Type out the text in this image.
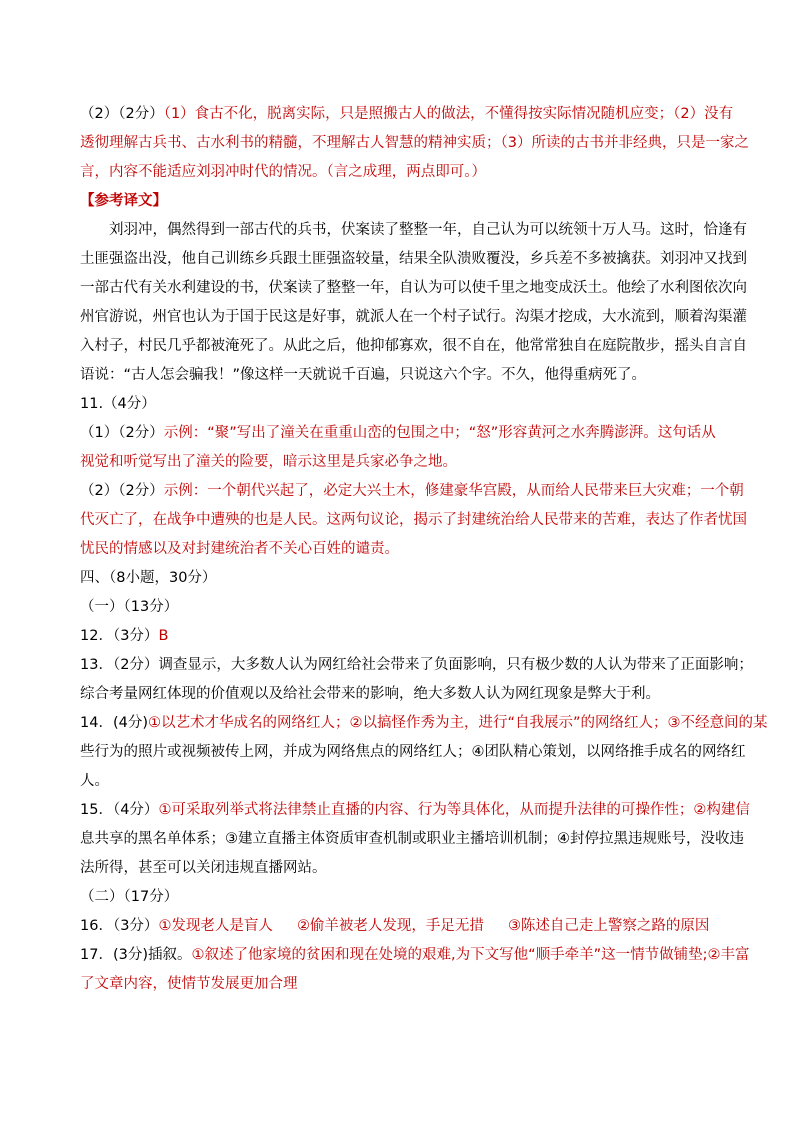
（2）（2分）（1）食古不化，脱离实际，只是照搬古人的做法，不懂得按实际情况随机应变；（2）没有
透彻理解古兵书、古水利书的精髓，不理解古人智慧的精神实质；（3）所读的古书并非经典，只是一家之
言，内容不能适应刘羽冲时代的情况。（言之成理，两点即可。）
【参考译文】
刘羽冲，偶然得到一部古代的兵书，伏案读了整整一年，自己认为可以统领十万人马。这时，恰逢有
土匪强盗出没，他自己训练乡兵跟土匪强盗较量，结果全队溃败覆没，乡兵差不多被擒获。刘羽冲又找到
一部古代有关水利建设的书，伏案读了整整一年，自认为可以使千里之地变成沃土。他绘了水利图依次向
州官游说，州官也认为于国于民这是好事，就派人在一个村子试行。沟渠才挖成，大水流到，顺着沟渠灌
入村子，村民几乎都被淹死了。从此之后，他抑郁寡欢，很不自在，他常常独自在庭院散步，摇头自言自
语说：“古人怎会骗我！”像这样一天就说千百遍，只说这六个字。不久，他得重病死了。
11.（4分）
（1）（2分）示例：“聚”写出了潼关在重重山峦的包围之中；“怒”形容黄河之水奔腾澎湃。这句话从
视觉和听觉写出了潼关的险要，暗示这里是兵家必争之地。
（2）（2分）示例：一个朝代兴起了，必定大兴土木，修建豪华宫殿，从而给人民带来巨大灾难；一个朝
代灭亡了，在战争中遭殃的也是人民。这两句议论，揭示了封建统治给人民带来的苦难，表达了作者忧国
忧民的情感以及对封建统治者不关心百姓的谴责。
四、（8小题，30分）
（一）（13分）
12．（3分）B
13．（2分）调查显示，大多数人认为网红给社会带来了负面影响，只有极少数的人认为带来了正面影响；
综合考量网红体现的价值观以及给社会带来的影响，绝大多数人认为网红现象是弊大于利。
14．(4分)①以艺术才华成名的网络红人；②以搞怪作秀为主，进行“自我展示”的网络红人；③不经意间的某
些行为的照片或视频被传上网，并成为网络焦点的网络红人；④团队精心策划，以网络推手成名的网络红
人。
15．（4分）①可采取列举式将法律禁止直播的内容、行为等具体化，从而提升法律的可操作性；②构建信
息共享的黑名单体系；③建立直播主体资质审查机制或职业主播培训机制；④封停拉黑违规账号，没收违
法所得，甚至可以关闭违规直播网站。
（二）（17分）
16．（3分）①发现老人是盲人 ②偷羊被老人发现，手足无措 ③陈述自己走上警察之路的原因
17．(3分)插叙。①叙述了他家境的贫困和现在处境的艰难,为下文写他“顺手牵羊”这一情节做铺垫;②丰富
了文章内容，使情节发展更加合理
